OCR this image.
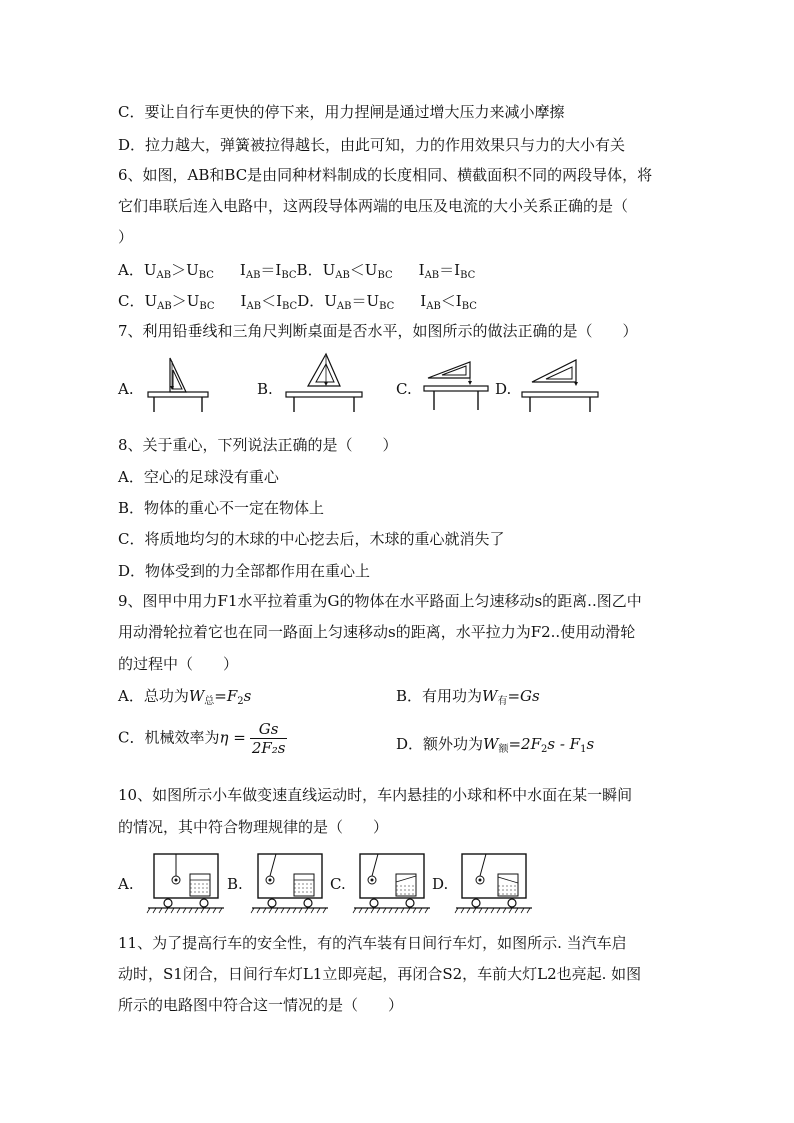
C．要让自行车更快的停下来，用力捏闸是通过增大压力来减小摩擦
D．拉力越大，弹簧被拉得越长，由此可知，力的作用效果只与力的大小有关
6、如图，AB和BC是由同种材料制成的长度相同、横截面积不同的两段导体，将
它们串联后连入电路中，这两段导体两端的电压及电流的大小关系正确的是（
）
A．$U_{AB}>U_{BC}$ $I_{AB}=I_{BC}B$．$U_{AB}<U_{BC}$ $I_{AB}=I_{BC}$
C．$U_{AB}>U_{BC}$ $I_{AB}<I_{BC}D$．$U_{AB}=U_{BC}$ $I_{AB}<I_{BC}$
7、利用铅垂线和三角尺判断桌面是否水平，如图所示的做法正确的是（　　）
A.	B.	C.	D.
8、关于重心，下列说法正确的是（　　）
A．空心的足球没有重心
B．物体的重心不一定在物体上
C．将质地均匀的木球的中心挖去后，木球的重心就消失了
D．物体受到的力全部都作用在重心上
9、图甲中用力F1水平拉着重为G的物体在水平路面上匀速移动s的距离..图乙中
用动滑轮拉着它也在同一路面上匀速移动s的距离，水平拉力为F2..使用动滑轮
的过程中（　　）
A．总功为$W_总=F_2s$	B．有用功为$W_有=Gs$
C．机械效率为$\eta = \frac{Gs}{\text{2F₂s}}$	D．额外功为$W_额=2F_2s - F_1s$
10、如图所示小车做变速直线运动时，车内悬挂的小球和杯中水面在某一瞬间
的情况，其中符合物理规律的是（　　）
A.	B.	C.	D.
11、为了提高行车的安全性，有的汽车装有日间行车灯，如图所示. 当汽车启
动时，S1闭合，日间行车灯L1立即亮起，再闭合S2，车前大灯L2也亮起. 如图
所示的电路图中符合这一情况的是（　　）
